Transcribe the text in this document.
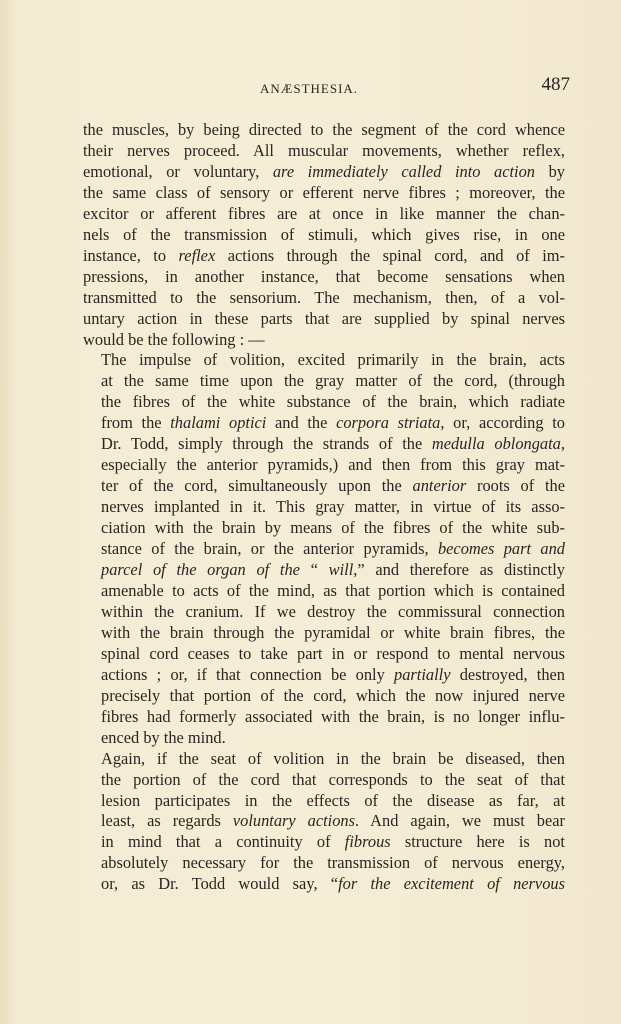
ANÆSTHESIA.	487
the muscles, by being directed to the segment of the cord whence
their nerves proceed. All muscular movements, whether reflex,
emotional, or voluntary, are immediately called into action by
the same class of sensory or efferent nerve fibres ; moreover, the
excitor or afferent fibres are at once in like manner the chan-
nels of the transmission of stimuli, which gives rise, in one
instance, to reflex actions through the spinal cord, and of im-
pressions, in another instance, that become sensations when
transmitted to the sensorium. The mechanism, then, of a vol-
untary action in these parts that are supplied by spinal nerves
would be the following : —
The impulse of volition, excited primarily in the brain, acts
at the same time upon the gray matter of the cord, (through
the fibres of the white substance of the brain, which radiate
from the thalami optici and the corpora striata, or, according to
Dr. Todd, simply through the strands of the medulla oblongata,
especially the anterior pyramids,) and then from this gray mat-
ter of the cord, simultaneously upon the anterior roots of the
nerves implanted in it. This gray matter, in virtue of its asso-
ciation with the brain by means of the fibres of the white sub-
stance of the brain, or the anterior pyramids, becomes part and
parcel of the organ of the “ will,” and therefore as distinctly
amenable to acts of the mind, as that portion which is contained
within the cranium. If we destroy the commissural connection
with the brain through the pyramidal or white brain fibres, the
spinal cord ceases to take part in or respond to mental nervous
actions ; or, if that connection be only partially destroyed, then
precisely that portion of the cord, which the now injured nerve
fibres had formerly associated with the brain, is no longer influ-
enced by the mind.
Again, if the seat of volition in the brain be diseased, then
the portion of the cord that corresponds to the seat of that
lesion participates in the effects of the disease as far, at
least, as regards voluntary actions. And again, we must bear
in mind that a continuity of fibrous structure here is not
absolutely necessary for the transmission of nervous energy,
or, as Dr. Todd would say, “for the excitement of nervous
